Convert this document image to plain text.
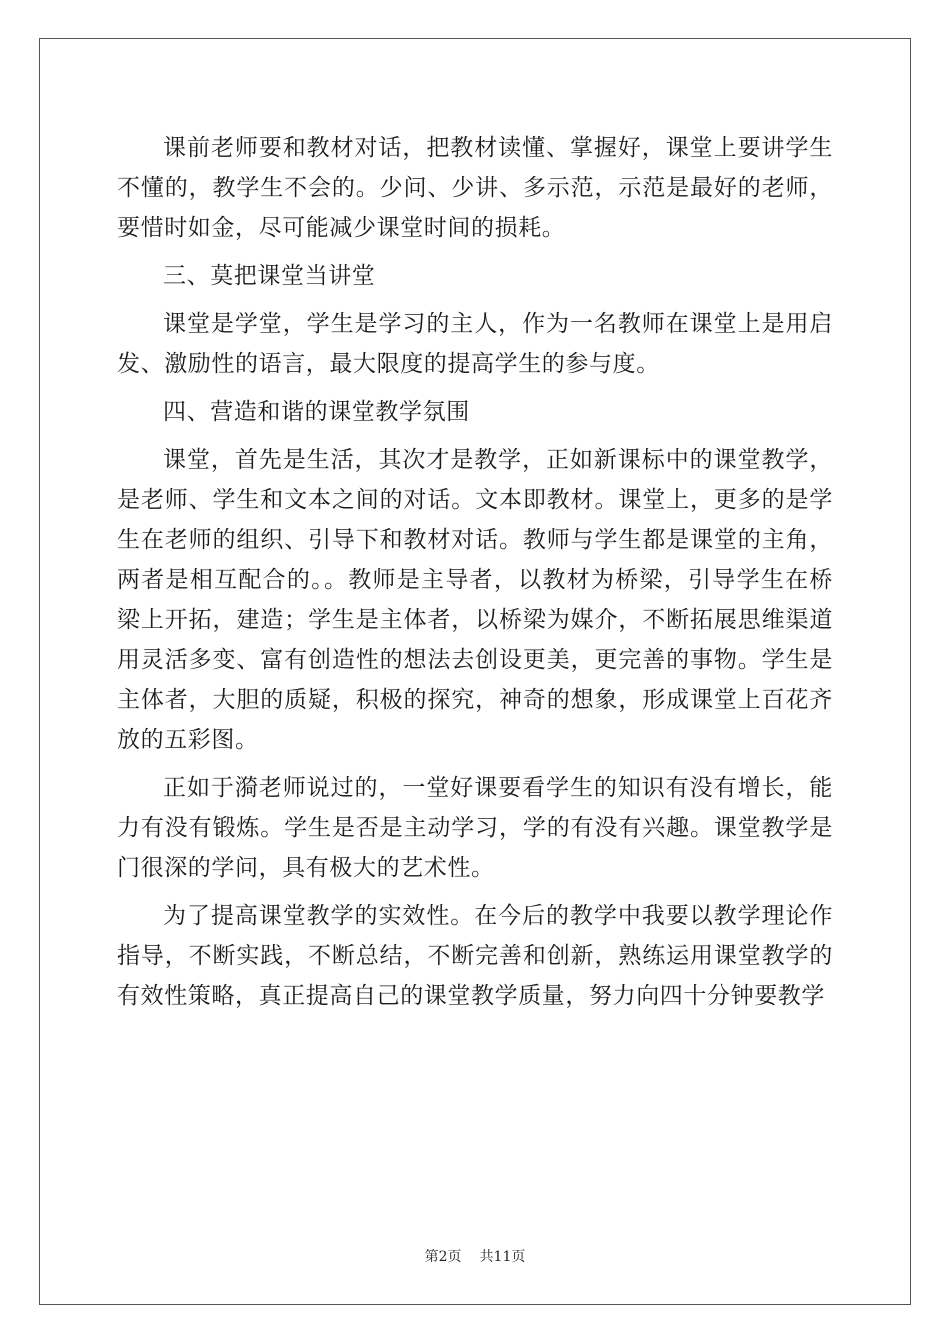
课前老师要和教材对话，把教材读懂、掌握好，课堂上要讲学生不懂的，教学生不会的。少问、少讲、多示范，示范是最好的老师，要惜时如金，尽可能减少课堂时间的损耗。

三、莫把课堂当讲堂

课堂是学堂，学生是学习的主人，作为一名教师在课堂上是用启发、激励性的语言，最大限度的提高学生的参与度。

四、营造和谐的课堂教学氛围

课堂，首先是生活，其次才是教学，正如新课标中的课堂教学，是老师、学生和文本之间的对话。文本即教材。课堂上，更多的是学生在老师的组织、引导下和教材对话。教师与学生都是课堂的主角，两者是相互配合的。。教师是主导者，以教材为桥梁，引导学生在桥梁上开拓，建造；学生是主体者，以桥梁为媒介，不断拓展思维渠道用灵活多变、富有创造性的想法去创设更美，更完善的事物。学生是主体者，大胆的质疑，积极的探究，神奇的想象，形成课堂上百花齐放的五彩图。

正如于漪老师说过的，一堂好课要看学生的知识有没有增长，能力有没有锻炼。学生是否是主动学习，学的有没有兴趣。课堂教学是门很深的学问，具有极大的艺术性。

为了提高课堂教学的实效性。在今后的教学中我要以教学理论作指导，不断实践，不断总结，不断完善和创新，熟练运用课堂教学的有效性策略，真正提高自己的课堂教学质量，努力向四十分钟要教学

第2页 共11页
